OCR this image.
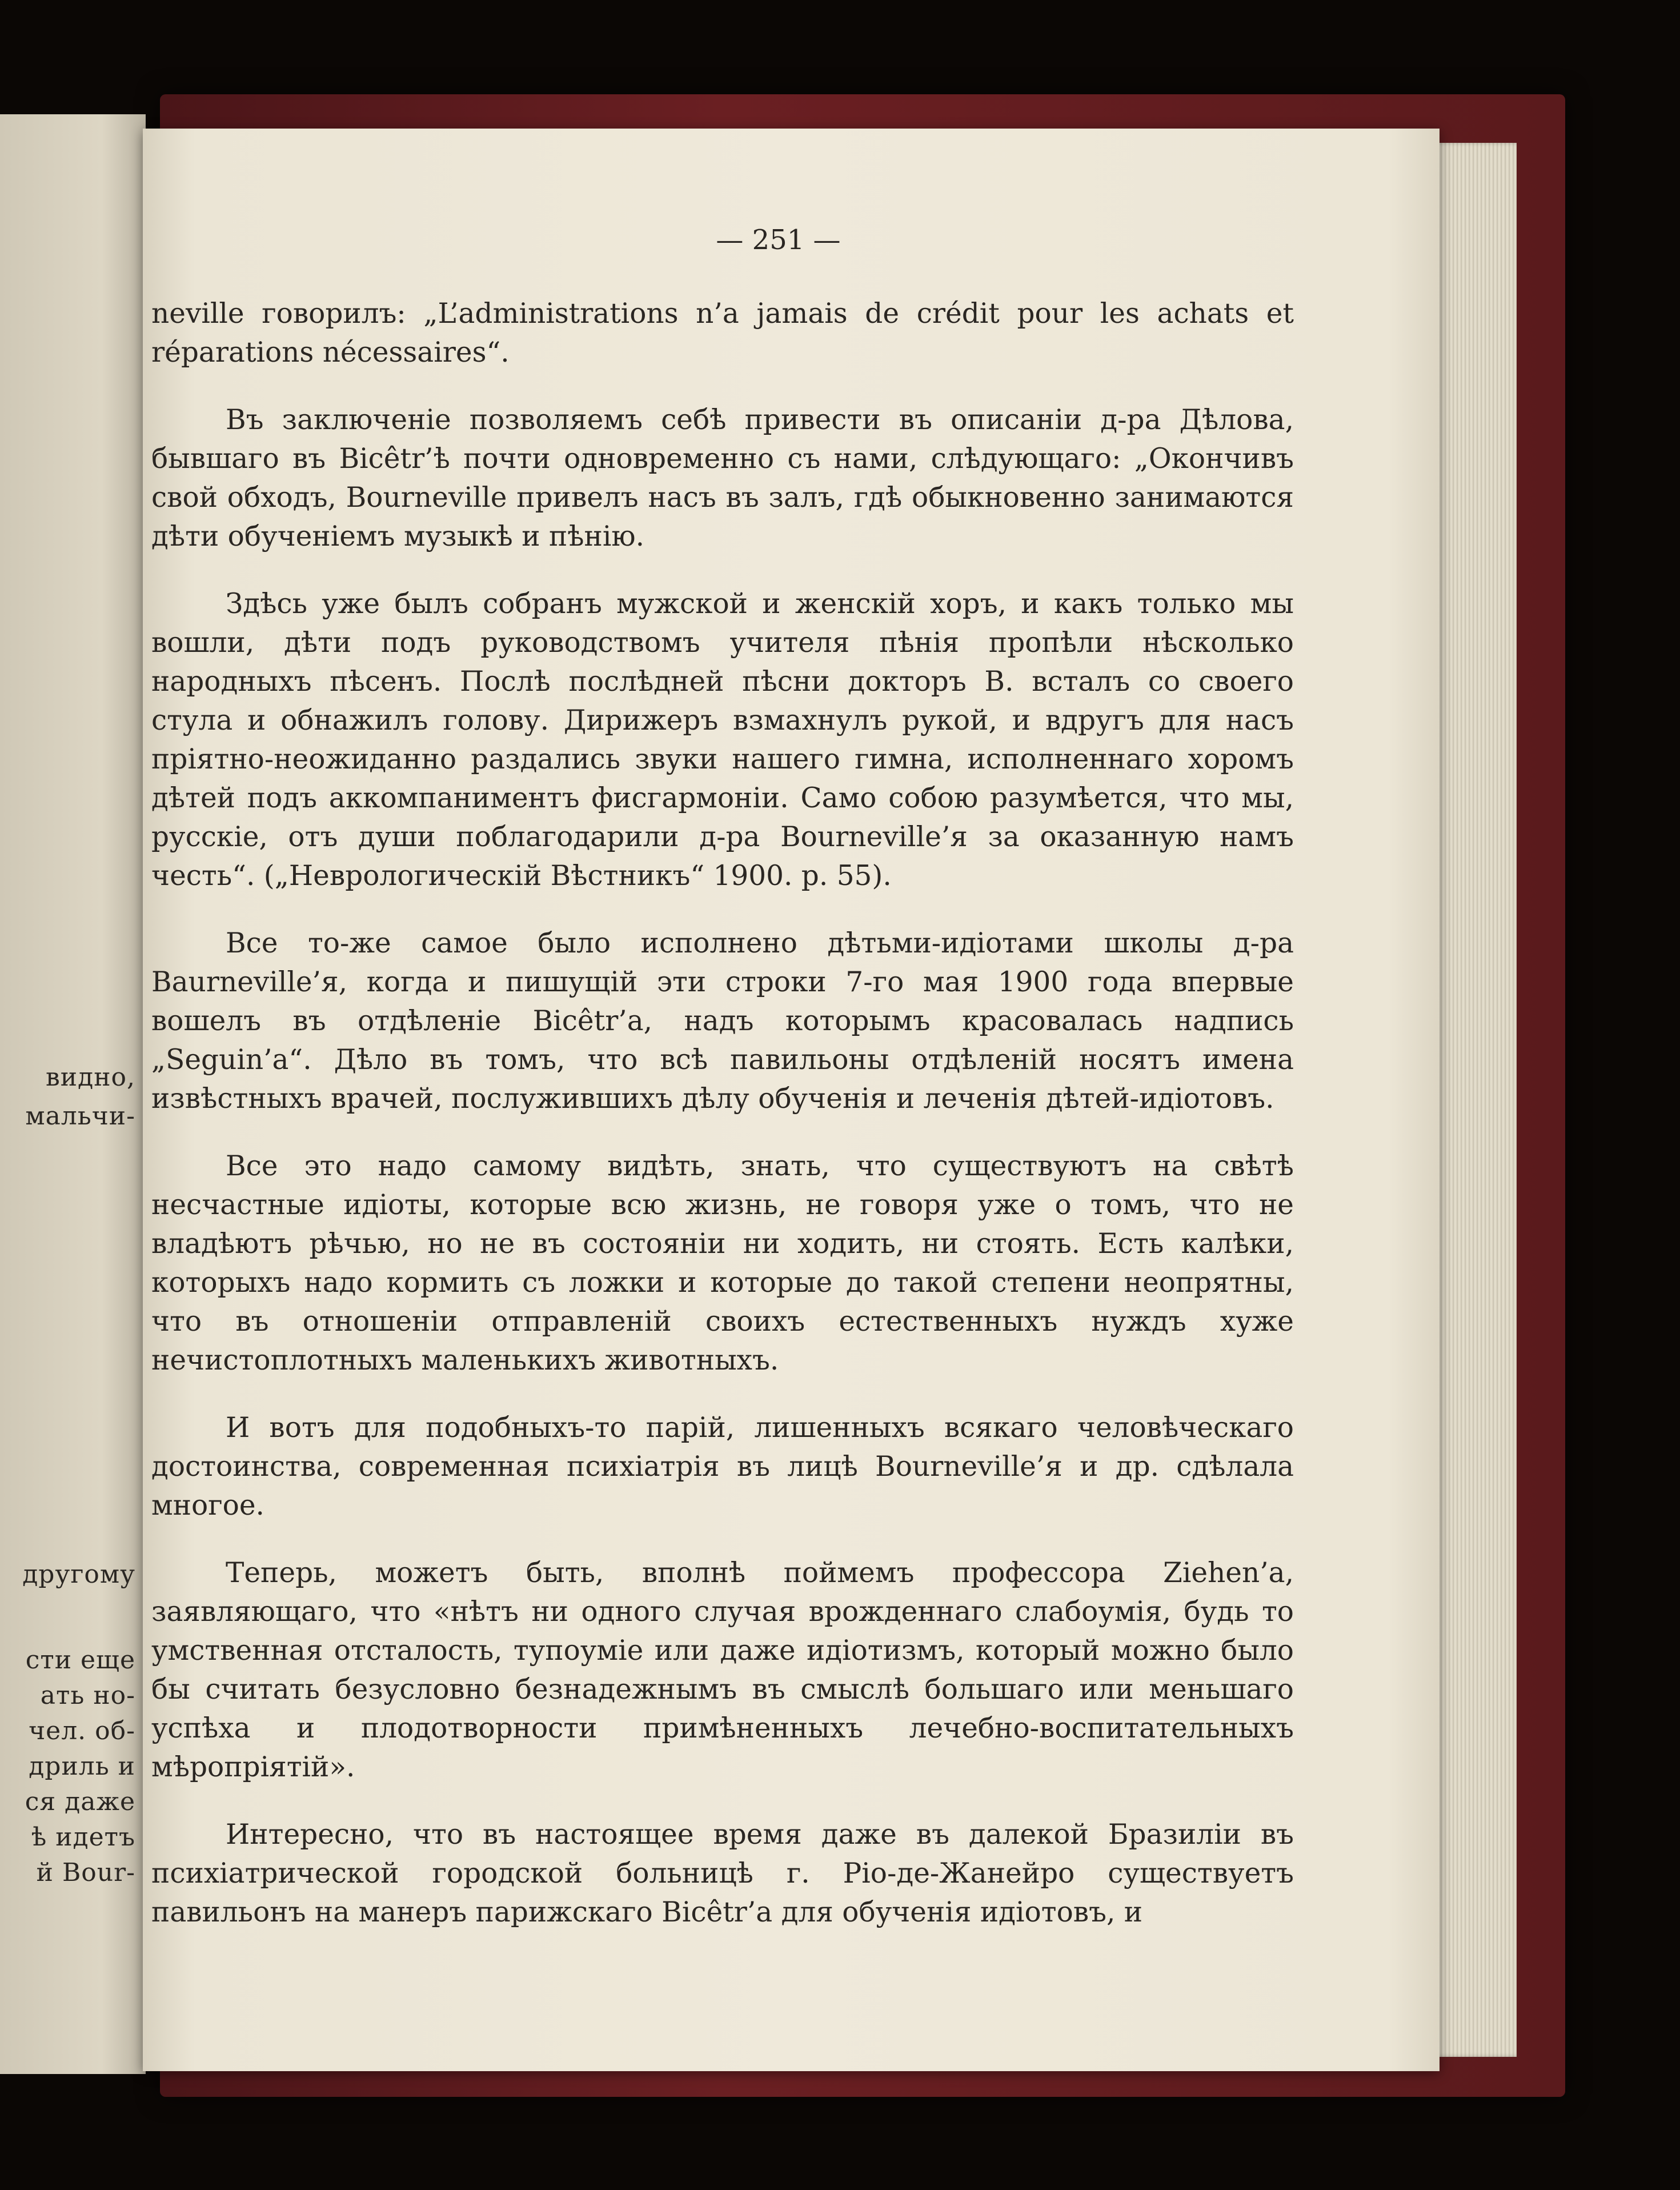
видно,
мальчи-
другому
сти еще
ать но-
чел. об-
дриль и
ся даже
ѣ идетъ
й Bour-
— 251 —

neville говорилъ: „L’administrations n’a jamais de crédit pour les achats et réparations nécessaires“.

Въ заключенiе позволяемъ себѣ привести въ описанiи д-ра Дѣлова, бывшаго въ Bicêtr’ѣ почти одновременно съ нами, слѣдующаго: „Окончивъ свой обходъ, Bourneville привелъ насъ въ залъ, гдѣ обыкновенно занимаются дѣти обученiемъ музыкѣ и пѣнiю.

Здѣсь уже былъ собранъ мужской и женскiй хоръ, и какъ только мы вошли, дѣти подъ руководствомъ учителя пѣнiя пропѣли нѣсколько народныхъ пѣсенъ. Послѣ послѣдней пѣсни докторъ В. всталъ со своего стула и обнажилъ голову. Дирижеръ взмахнулъ рукой, и вдругъ для насъ прiятно-неожиданно раздались звуки нашего гимна, исполненнаго хоромъ дѣтей подъ аккомпаниментъ фисгармонiи. Само собою разумѣется, что мы, русскiе, отъ души поблагодарили д-ра Bourneville’я за оказанную намъ честь“. („Неврологическiй Вѣстникъ“ 1900. р. 55).

Все то-же самое было исполнено дѣтьми-идiотами школы д-ра Baurneville’я, когда и пишущiй эти строки 7-го мая 1900 года впервые вошелъ въ отдѣленiе Bicêtr’a, надъ которымъ красовалась надпись „Seguin’a“. Дѣло въ томъ, что всѣ павильоны отдѣленiй носятъ имена извѣстныхъ врачей, послужившихъ дѣлу обученiя и леченiя дѣтей-идiотовъ.

Все это надо самому видѣть, знать, что существуютъ на свѣтѣ несчастные идiоты, которые всю жизнь, не говоря уже о томъ, что не владѣютъ рѣчью, но не въ состоянiи ни ходить, ни стоять. Есть калѣки, которыхъ надо кормить съ ложки и которые до такой степени неопрятны, что въ отношенiи отправленiй своихъ естественныхъ нуждъ хуже нечистоплотныхъ маленькихъ животныхъ.

И вотъ для подобныхъ-то парiй, лишенныхъ всякаго человѣческаго достоинства, современная психiатрiя въ лицѣ Bourneville’я и др. сдѣлала многое.

Теперь, можетъ быть, вполнѣ поймемъ профессора Ziehen’a, заявляющаго, что «нѣтъ ни одного случая врожденнаго слабоумiя, будь то умственная отсталость, тупоумiе или даже идiотизмъ, который можно было бы считать безусловно безнадежнымъ въ смыслѣ большаго или меньшаго успѣха и плодотворности примѣненныхъ лечебно-воспитательныхъ мѣропрiятiй».

Интересно, что въ настоящее время даже въ далекой Бразилiи въ психiатрической городской больницѣ г. Рiо-де-Жанейро существуетъ павильонъ на манеръ парижскаго Bicêtr’a для обученiя идiотовъ, и
